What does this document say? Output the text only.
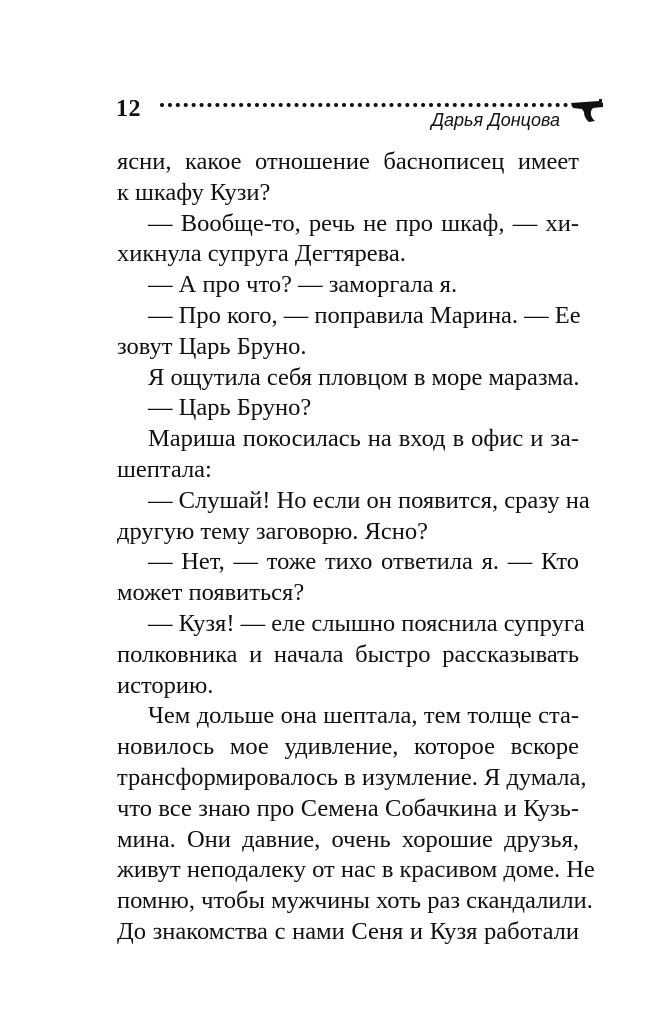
12	Дарья Донцова
ясни, какое отношение баснописец имеет
к шкафу Кузи?
— Вообще-то, речь не про шкаф, — хи-
хикнула супруга Дегтярева.
— А про что? — заморгала я.
— Про кого, — поправила Марина. — Ее
зовут Царь Бруно.
Я ощутила себя пловцом в море маразма.
— Царь Бруно?
Мариша покосилась на вход в офис и за-
шептала:
— Слушай! Но если он появится, сразу на
другую тему заговорю. Ясно?
— Нет, — тоже тихо ответила я. — Кто
может появиться?
— Кузя! — еле слышно пояснила супруга
полковника и начала быстро рассказывать
историю.
Чем дольше она шептала, тем толще ста-
новилось мое удивление, которое вскоре
трансформировалось в изумление. Я думала,
что все знаю про Семена Собачкина и Кузь-
мина. Они давние, очень хорошие друзья,
живут неподалеку от нас в красивом доме. Не
помню, чтобы мужчины хоть раз скандалили.
До знакомства с нами Сеня и Кузя работали
